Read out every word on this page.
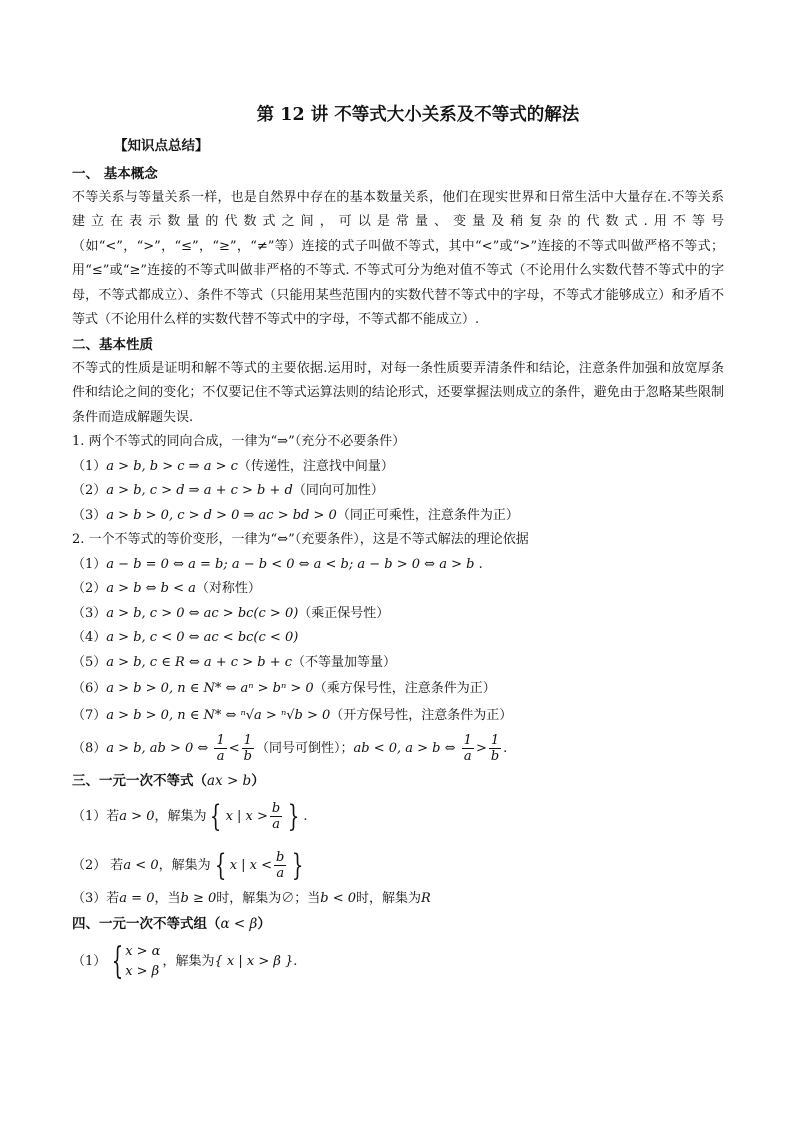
第 12 讲 不等式大小关系及不等式的解法
【知识点总结】
一、 基本概念

不等关系与等量关系一样，也是自然界中存在的基本数量关系，他们在现实世界和日常生活中大量存在.不等关系建立在表示数量的代数式之间，可以是常量、变量及稍复杂的代数式.用不等号（如“<”，“>”，“≤”，“≥”，“≠”等）连接的式子叫做不等式，其中“<”或“>”连接的不等式叫做严格不等式；用“≤”或“≥”连接的不等式叫做非严格的不等式. 不等式可分为绝对值不等式（不论用什么实数代替不等式中的字母，不等式都成立）、条件不等式（只能用某些范围内的实数代替不等式中的字母，不等式才能够成立）和矛盾不等式（不论用什么样的实数代替不等式中的字母，不等式都不能成立）.

二、基本性质

不等式的性质是证明和解不等式的主要依据.运用时，对每一条性质要弄清条件和结论，注意条件加强和放宽厚条件和结论之间的变化；不仅要记住不等式运算法则的结论形式，还要掌握法则成立的条件，避免由于忽略某些限制条件而造成解题失误.

1. 两个不等式的同向合成，一律为“⇒”（充分不必要条件）

（1）a > b, b > c ⇒ a > c（传递性，注意找中间量）
（2）a > b, c > d ⇒ a + c > b + d（同向可加性）
（3）a > b > 0, c > d > 0 ⇒ ac > bd > 0（同正可乘性，注意条件为正）

2. 一个不等式的等价变形，一律为“⇔”（充要条件），这是不等式解法的理论依据

（1）a − b = 0 ⇔ a = b; a − b < 0 ⇔ a < b; a − b > 0 ⇔ a > b .
（2）a > b ⇔ b < a（对称性）
（3）a > b, c > 0 ⇔ ac > bc(c > 0)（乘正保号性）
（4）a > b, c < 0 ⇔ ac < bc(c < 0)
（5）a > b, c ∈ R ⇔ a + c > b + c（不等量加等量）
（6）a > b > 0, n ∈ N* ⇔ aⁿ > bⁿ > 0（乘方保号性，注意条件为正）
（7）a > b > 0, n ∈ N* ⇔ ⁿ√a > ⁿ√b > 0（开方保号性，注意条件为正）
（8）a > b, ab > 0 ⇔ $\frac{1}{a} < \frac{1}{b}$ （同号可倒性）；ab < 0, a > b ⇔ $\frac{1}{a} > \frac{1}{b}$ .
三、一元一次不等式（ax > b）
（1）若a > 0，解集为 { x | $x > \frac{b}{a}$ } .
（2） 若a < 0，解集为 { x | $x < \frac{b}{a}$ }
（3）若a = 0，当b ≥ 0时，解集为∅；当b < 0时，解集为R
四、一元一次不等式组（α < β）
（1） { x > α
x > β
，解集为{ x | x > β }.
